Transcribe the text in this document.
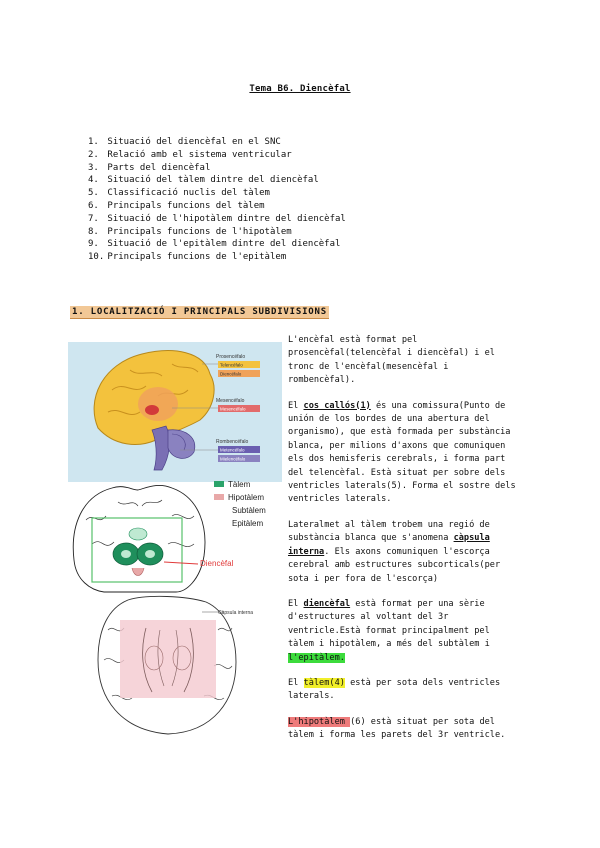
Tema B6. Diencèfal
1. Situació del diencèfal en el SNC
2. Relació amb el sistema ventricular
3. Parts del diencèfal
4. Situació del tàlem dintre del diencèfal
5. Classificació nuclis del tàlem
6. Principals funcions del tàlem
7. Situació de l'hipotàlem dintre del diencèfal
8. Principals funcions de l'hipotàlem
9. Situació de l'epitàlem dintre del diencèfal
10. Principals funcions de l'epitàlem
1. LOCALITZACIÓ I PRINCIPALS SUBDIVISIONS
Prosencéfalo
Telencéfalo
Diencéfalo
Mesencéfalo
Mesencéfalo
Rombencéfalo
Metencéfalo
Mielencéfalo

Tàlem
Hipotàlem
Subtàlem
Epitàlem
Diencèfal
Càpsula interna

L'encèfal està format pel prosencèfal(telencèfal i diencèfal) i el tronc de l'encèfal(mesencèfal i rombencèfal).

El cos callós(1) és una comissura(Punto de unión de los bordes de una abertura del organismo), que està formada per substància blanca, per milions d'axons que comuniquen els dos hemisferis cerebrals, i forma part del telencèfal. Està situat per sobre dels ventricles laterals(5). Forma el sostre dels ventricles laterals.

Lateralmet al tàlem trobem una regió de substància blanca que s'anomena càpsula interna. Els axons comuniquen l'escorça cerebral amb estructures subcorticals(per sota i per fora de l'escorça)

El diencèfal està format per una sèrie d'estructures al voltant del 3r ventricle.Està format principalment pel tàlem i hipotàlem, a més del subtàlem i l'epitàlem.

El tàlem(4) està per sota dels ventricles laterals.

L'hipotàlem (6) està situat per sota del tàlem i forma les parets del 3r ventricle.
